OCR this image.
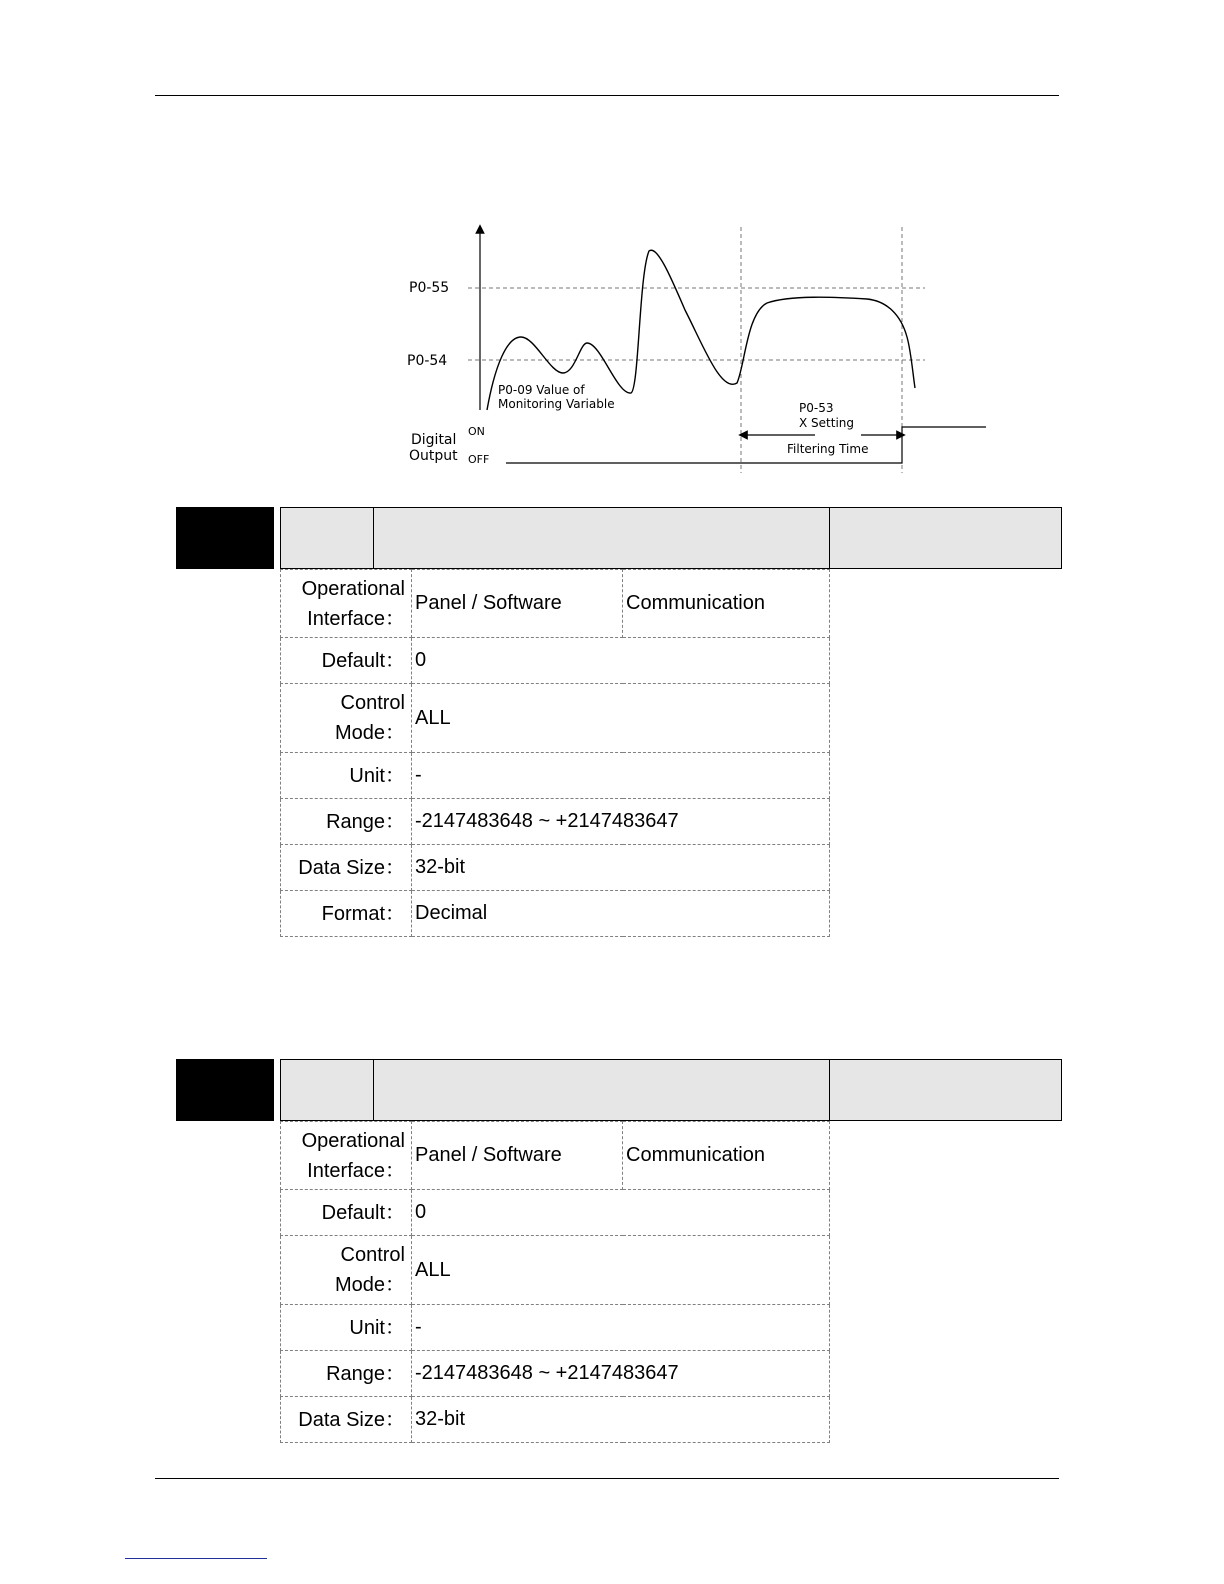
P0-55
P0-54
P0-09 Value of
Monitoring Variable	P0-53
X Setting
Filtering Time
Digital
Output
ON
OFF
Operational
Interface：	Panel / Software	Communication
Default：	0	
Control
Mode：	ALL	
Unit：	-	
Range：	-2147483648 ~ +2147483647	
Data Size：	32-bit	
Format：	Decimal	
Operational
Interface：	Panel / Software	Communication
Default：	0	
Control
Mode：	ALL	
Unit：	-	
Range：	-2147483648 ~ +2147483647	
Data Size：	32-bit	
